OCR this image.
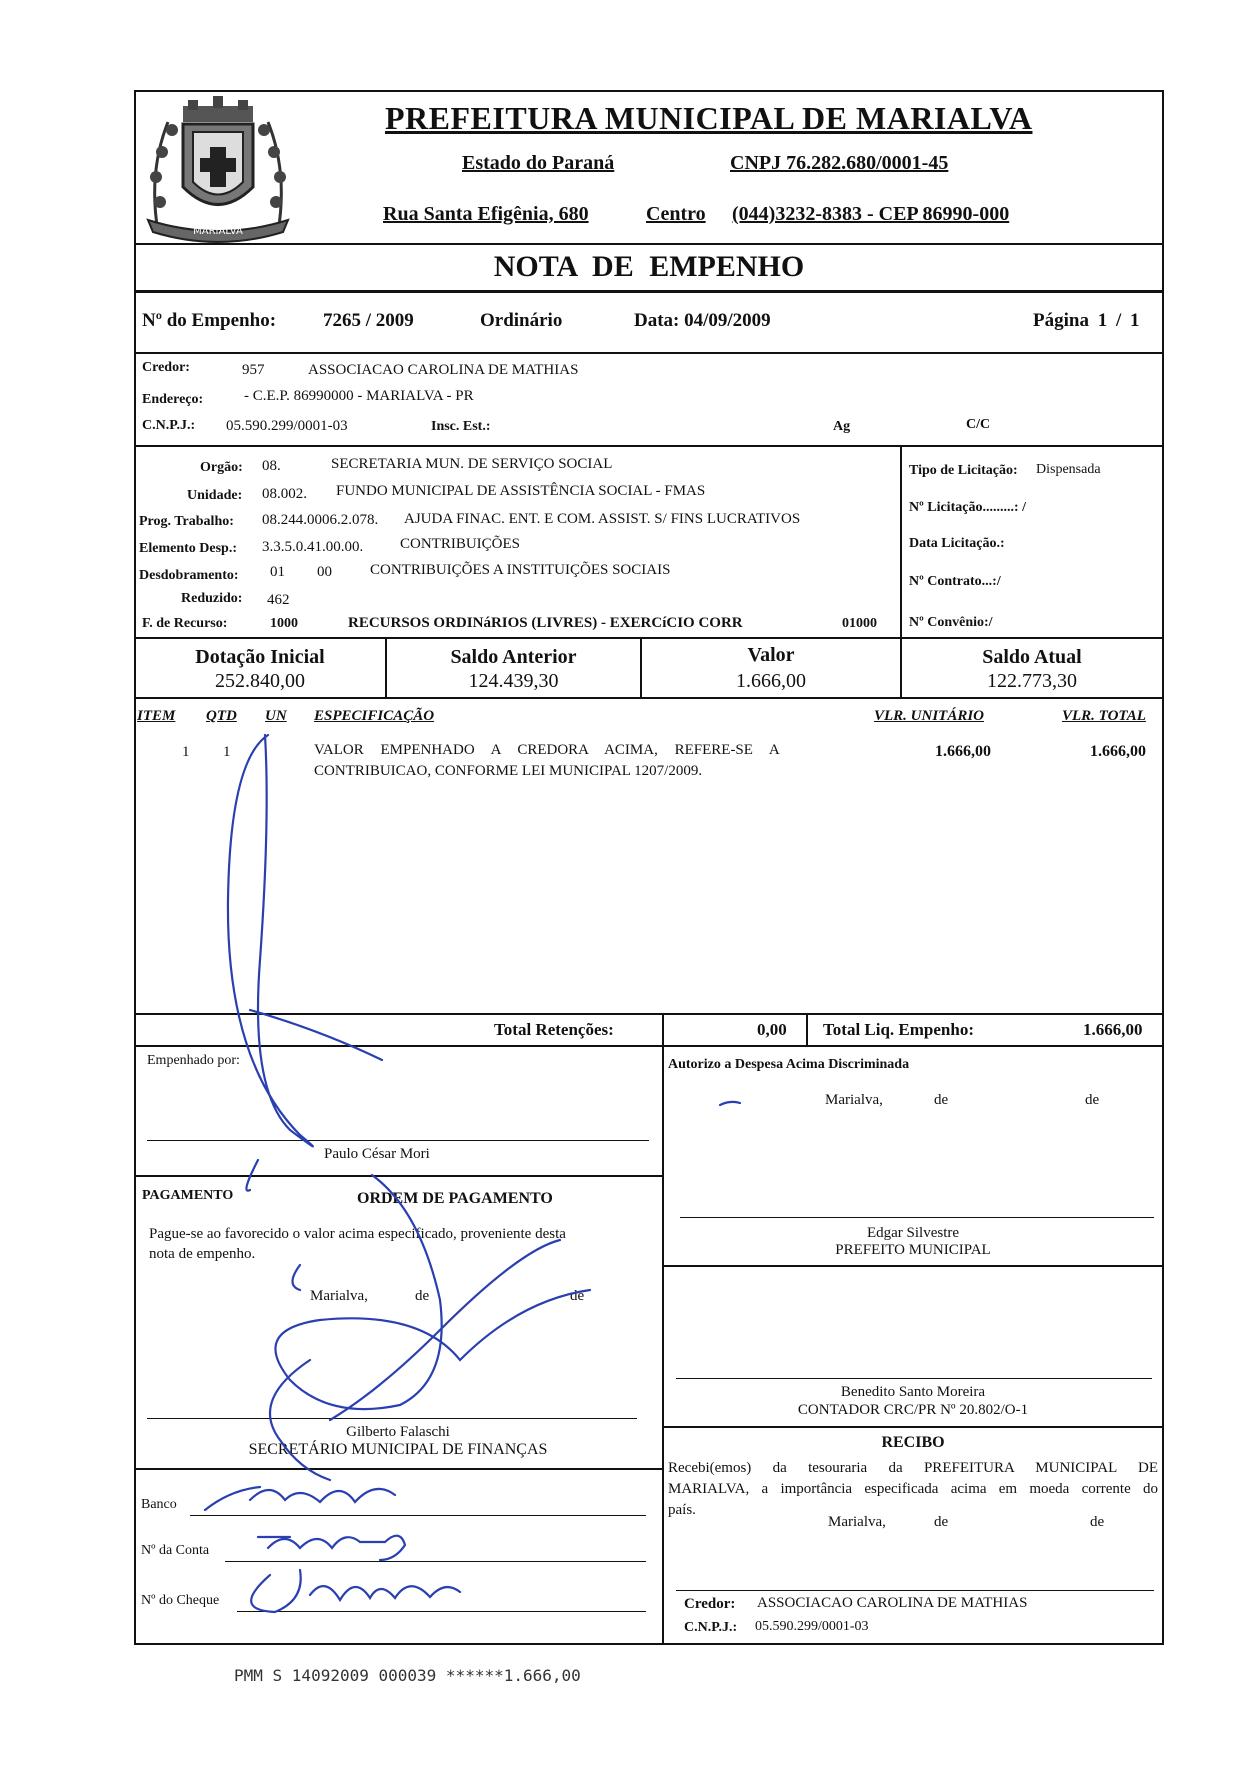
MARIALVA
PREFEITURA MUNICIPAL DE MARIALVA
Estado do Paraná	CNPJ 76.282.680/0001-45
Rua Santa Efigênia, 680	Centro (044)3232-8383 - CEP 86990-000
NOTA DE EMPENHO
Nº do Empenho: 7265 / 2009	Ordinário	Data: 04/09/2009	Página 1 / 1
Credor:	957	ASSOCIACAO CAROLINA DE MATHIAS
Endereço:	- C.E.P. 86990000 - MARIALVA - PR
C.N.P.J.: 05.590.299/0001-03	Insc. Est.:	Ag	C/C
Orgão: 08.	SECRETARIA MUN. DE SERVIÇO SOCIAL
Unidade: 08.002. FUNDO MUNICIPAL DE ASSISTÊNCIA SOCIAL - FMAS
Prog. Trabalho: 08.244.0006.2.078. AJUDA FINAC. ENT. E COM. ASSIST. S/ FINS LUCRATIVOS
Elemento Desp.: 3.3.5.0.41.00.00. CONTRIBUIÇÕES
Desdobramento: 01 00	CONTRIBUIÇÕES A INSTITUIÇÕES SOCIAIS
Reduzido: 462
F. de Recurso:	1000	RECURSOS ORDINáRIOS (LIVRES) - EXERCíCIO CORR	01000
Tipo de Licitação: Dispensada
Nº Licitação.........: /
Data Licitação.:
Nº Contrato...:/
Nº Convênio:/
Dotação Inicial
252.840,00
Saldo Anterior
124.439,30
Valor
1.666,00
Saldo Atual
122.773,30
ITEM QTD UN ESPECIFICAÇÃO	VLR. UNITÁRIO	VLR. TOTAL
1 1	VALOR EMPENHADO A CREDORA ACIMA, REFERE-SE A
CONTRIBUICAO, CONFORME LEI MUNICIPAL 1207/2009.
1.666,00	1.666,00
Total Retenções:	0,00 Total Liq. Empenho:	1.666,00
Empenhado por:
Paulo César Mori
Autorizo a Despesa Acima Discriminada
Marialva,	de	de
Edgar Silvestre
PREFEITO MUNICIPAL
Benedito Santo Moreira
CONTADOR CRC/PR Nº 20.802/O-1
RECIBO
Recebi(emos) da tesouraria da PREFEITURA MUNICIPAL DE
MARIALVA, a importância especificada acima em moeda corrente do
país.
Marialva,	de	de
Credor: ASSOCIACAO CAROLINA DE MATHIAS
C.N.P.J.: 05.590.299/0001-03
PAGAMENTO	ORDEM DE PAGAMENTO
Pague-se ao favorecido o valor acima especificado, proveniente desta
nota de empenho.
Marialva,	de	de
Gilberto Falaschi
SECRETÁRIO MUNICIPAL DE FINANÇAS
Banco
Nº da Conta
Nº do Cheque
PMM S 14092009 000039 ******1.666,00
